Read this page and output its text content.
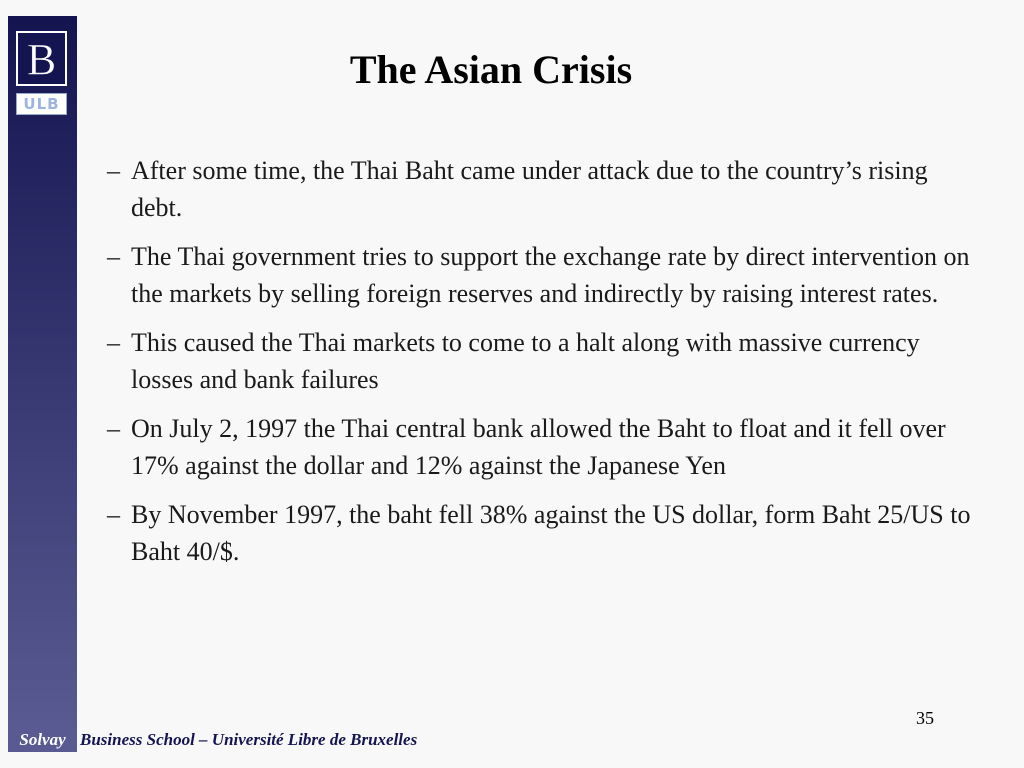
B
ULB
The Asian Crisis
– After some time, the Thai Baht came under attack due to the country’s rising debt.
– The Thai government tries to support the exchange rate by direct intervention on the markets by selling foreign reserves and indirectly by raising interest rates.
– This caused the Thai markets to come to a halt along with massive currency losses and bank failures
– On July 2, 1997 the Thai central bank allowed the Baht to float and it fell over 17% against the dollar and 12% against the Japanese Yen
– By November 1997, the baht fell 38% against the US dollar, form Baht 25/US to Baht 40/$.
35
Solvay Business School – Université Libre de Bruxelles
